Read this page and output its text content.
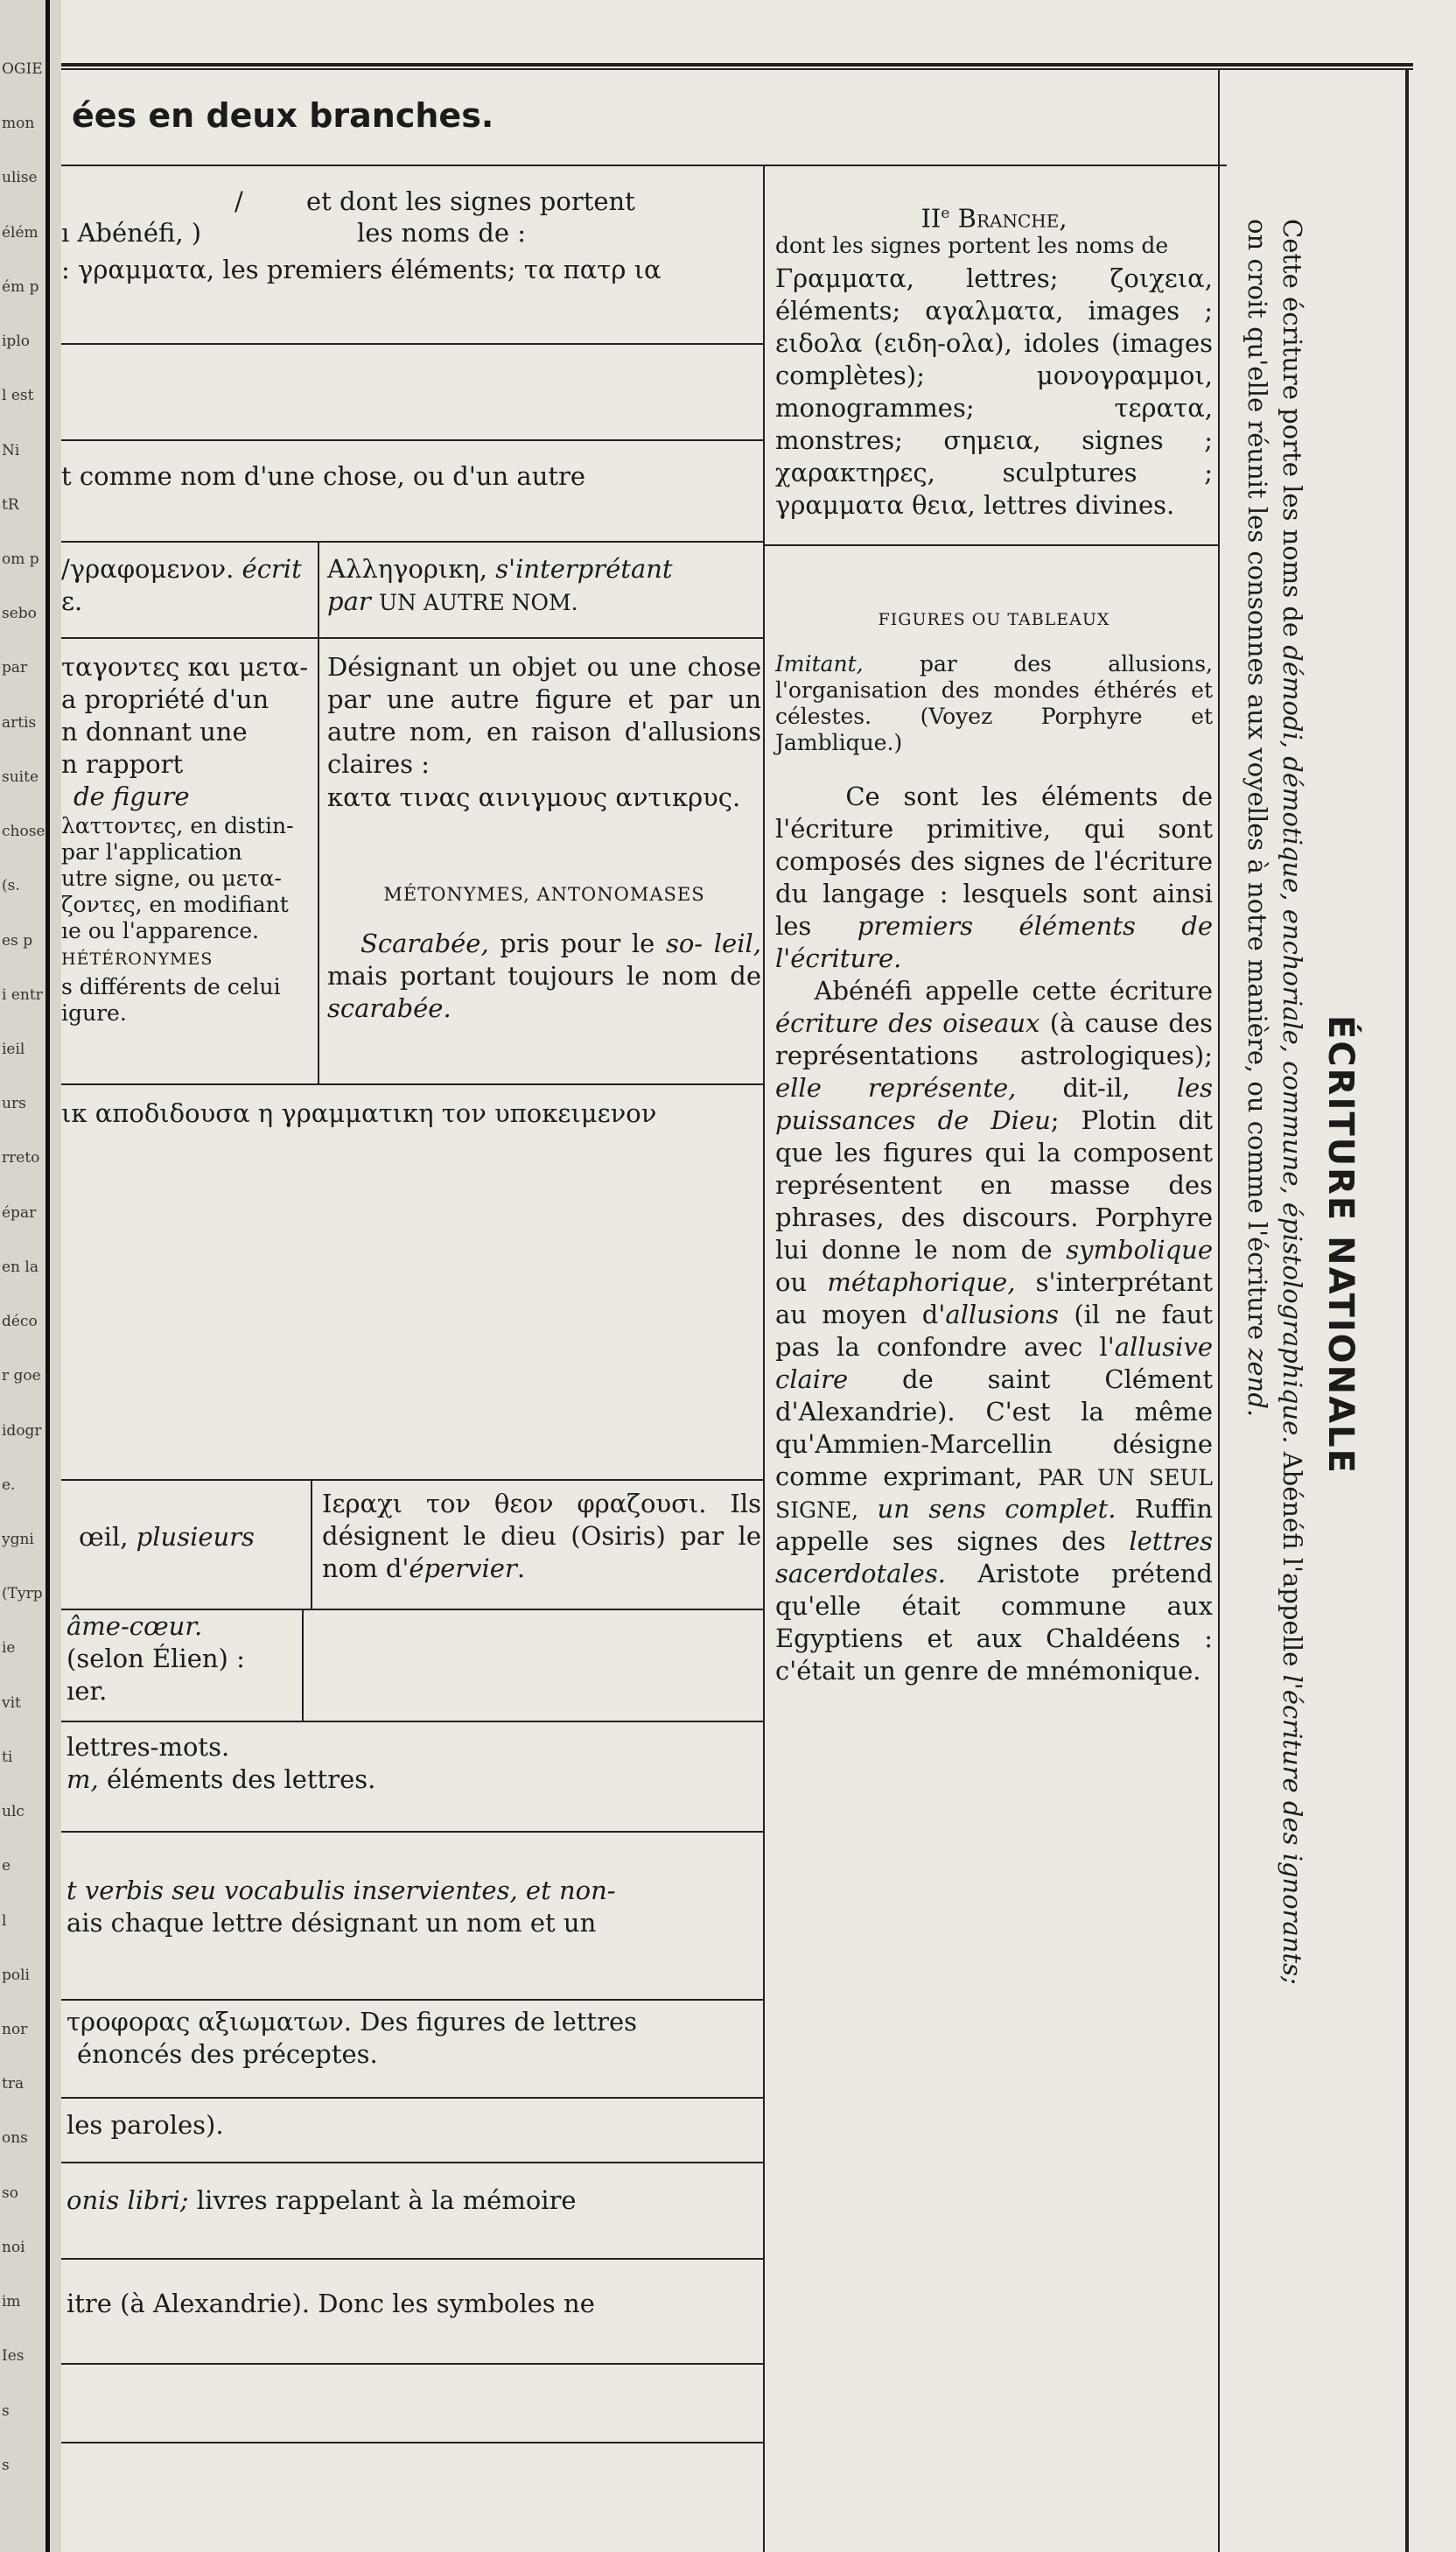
OGIE
mon
ulise
élém
ém p
iplo
l est
Ni
tR
om p
sebo
par
artis
suite
chose
(s.
es p
i entr
ieil
urs
rreto
épar
en la
déco
r goe
idogr
e.
ygni
(Tyrp
ie
vit
ti
ulc
e
l
poli
nor
tra
ons
so
noi
im
Ies
s
s
ées en deux branches.
/ et dont les signes portent
ı Abénéfi, )	les noms de :
: γραμματα, les premiers éléments; τα πατρ ια
t comme nom d'une chose, ou d'un autre
/γραφομενον. écrit
ε.
Αλληγορικη, s'interprétant
par UN AUTRE NOM.
ταγοντες και μετα-
a propriété d'un
n donnant une
n rapport
de figure
λαττοντες, en distin-
par l'application
utre signe, ou μετα-
ζοντες, en modifiant
ıe ou l'apparence.
HÉTÉRONYMES
s différents de celui
igure.
Désignant un objet ou une chose par une autre figure et par un autre nom, en raison d'allusions claires :
κατα τινας αινιγμους αντικρυς.
MÉTONYMES, ANTONOMASES
Scarabée, pris pour le so- leil, mais portant toujours le nom de scarabée.
ικ αποδιδουσα η γραμματικη τον υποκειμενον
œil, plusieurs
Ιεραχι τον θεον φραζουσι. Ils désignent le dieu (Osiris) par le nom d'épervier.
âme-cœur.
(selon Élien) :
ıer.
lettres-mots.
m, éléments des lettres.
t verbis seu vocabulis inservientes, et non-
ais chaque lettre désignant un nom et un
τροφορας αξιωματων. Des figures de lettres
énoncés des préceptes.
les paroles).
onis libri; livres rappelant à la mémoire
itre (à Alexandrie). Donc les symboles ne
IIe Branche,
dont les signes portent les noms de
Γραμματα, lettres; ζοιχεια, éléments; αγαλματα, images ; ειδολα (ειδη-ολα), idoles (images complètes); μονογραμμοι, monogrammes; τερατα, monstres; σημεια, signes ; χαρακτηρες, sculptures ; γραμματα θεια, lettres divines.
FIGURES OU TABLEAUX
Imitant,	par des allusions, l'organisation des mondes éthérés et célestes. (Voyez Porphyre et Jamblique.)
Ce sont les éléments de l'écriture primitive, qui sont composés des signes de l'écriture du langage : lesquels sont ainsi les premiers éléments de l'écriture.
Abénéfi appelle cette écriture écriture des oiseaux (à cause des représentations astrologiques); elle représente, dit-il, les puissances de Dieu; Plotin dit que les figures qui la composent représentent en masse des phrases, des discours. Porphyre lui donne le nom de symbolique ou métaphorique, s'interprétant au moyen d'allusions (il ne faut pas la confondre avec l'allusive claire de saint Clément d'Alexandrie). C'est la même qu'Ammien-Marcellin désigne comme exprimant, PAR UN SEUL SIGNE, un sens complet. Ruffin appelle ses signes des lettres sacerdotales. Aristote prétend qu'elle était commune aux Egyptiens et aux Chaldéens : c'était un genre de mnémonique.
ÉCRITURE NATIONALE
Cette écriture porte les noms de démodi, démotique, enchoriale, commune, épistolographique. Abénéfi l'appelle l'écriture des ignorants;
on croit qu'elle réunit les consonnes aux voyelles à notre manière, ou comme l'écriture zend.
